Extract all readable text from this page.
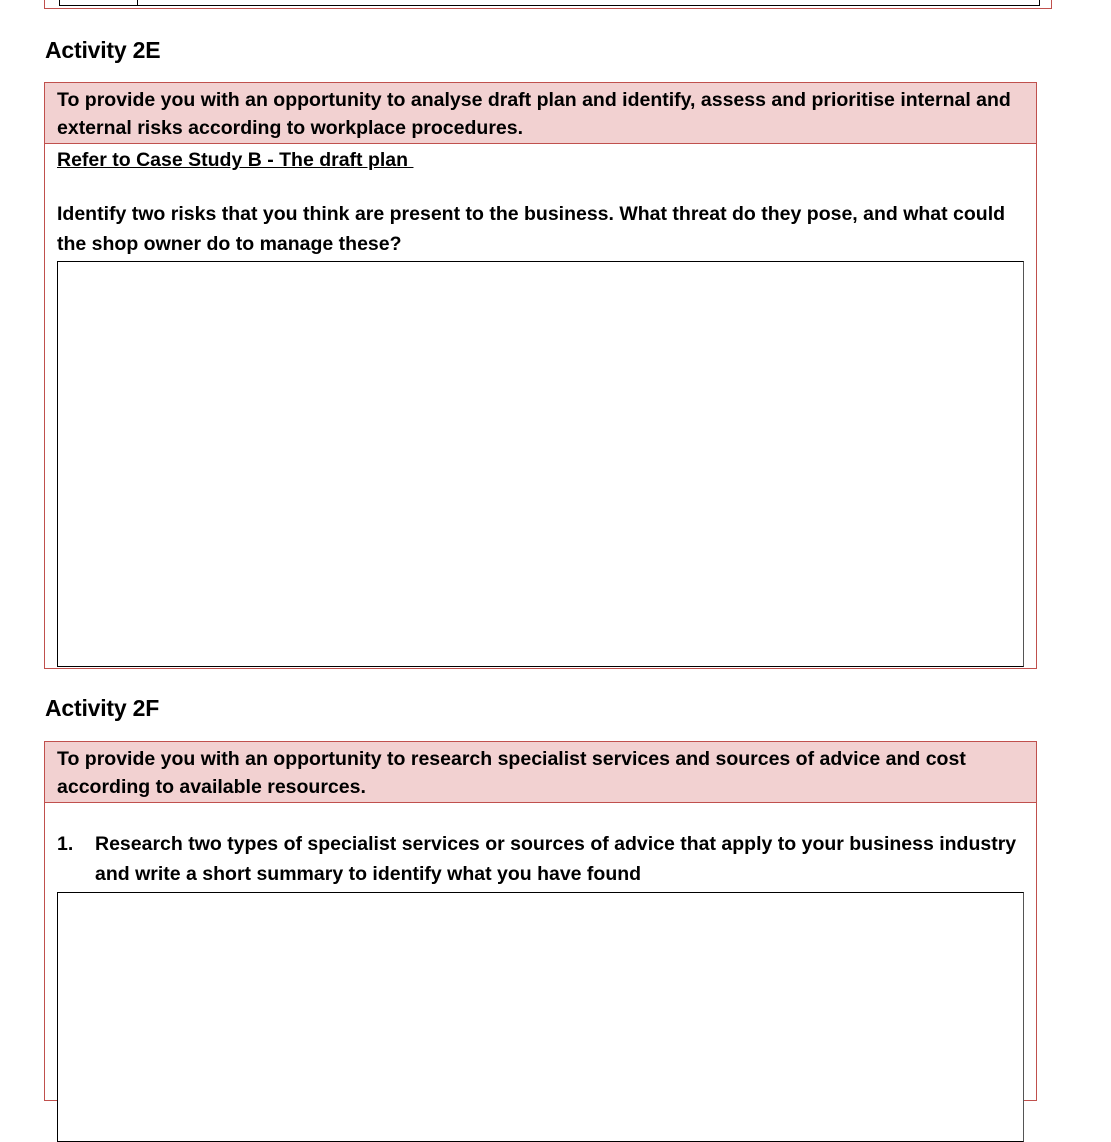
Activity 2E
To provide you with an opportunity to analyse draft plan and identify, assess and prioritise internal and external risks according to workplace procedures.
Refer to Case Study B - The draft plan
Identify two risks that you think are present to the business. What threat do they pose, and what could the shop owner do to manage these?
Activity 2F
To provide you with an opportunity to research specialist services and sources of advice and cost according to available resources.
1.	Research two types of specialist services or sources of advice that apply to your business industry and write a short summary to identify what you have found
